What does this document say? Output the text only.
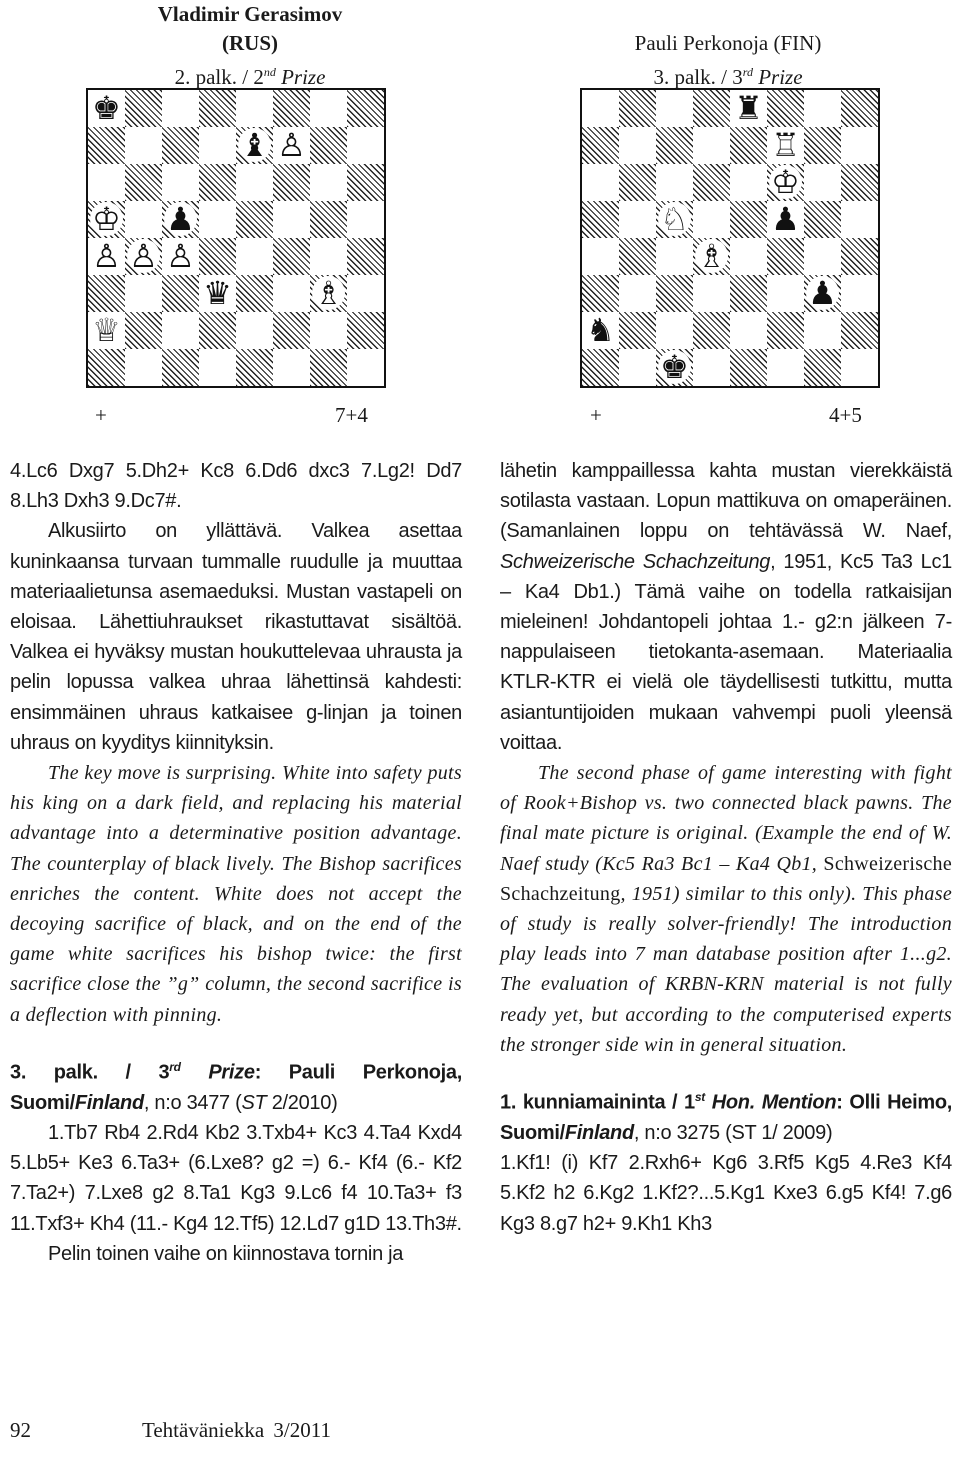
Vladimir Gerasimov
(RUS)
2. palk. / 2nd Prize
Pauli Perkonoja (FIN)
3. palk. / 3rd Prize
♚
♝ ♙
♔ ♟
♙ ♙ ♙
♛	♗
♕
♜
♖
♔
♘	♟
♗
♟
♞
♚
+	7+4	+	4+5

4.Lc6 Dxg7 5.Dh2+ Kc8 6.Dd6 dxc3 7.Lg2! Dd7 8.Lh3 Dxh3 9.Dc7#.

Alkusiirto on yllättävä. Valkea asettaa kuninkaansa turvaan tummalle ruudulle ja muuttaa materiaalietunsa asemaeduksi. Mustan vastapeli on eloisaa. Lähettiuhraukset rikastuttavat sisältöä. Valkea ei hyväksy mustan houkuttelevaa uhrausta ja pelin lopussa valkea uhraa lähettinsä kahdesti: ensimmäinen uhraus katkaisee g-linjan ja toinen uhraus on kyyditys kiinnityksin.

The key move is surprising. White into safety puts his king on a dark field, and replacing his material advantage into a determinative position advantage. The counterplay of black lively. The Bishop sacrifices enriches the content. White does not accept the decoying sacrifice of black, and on the end of the game white sacrifices his bishop twice: the first sacrifice close the ”g” column, the second sacrifice is a deflection with pinning.

3. palk. / 3rd Prize: Pauli Perkonoja, Suomi/Finland, n:o 3477 (ST 2/2010)

1.Tb7 Rb4 2.Rd4 Kb2 3.Txb4+ Kc3 4.Ta4 Kxd4 5.Lb5+ Ke3 6.Ta3+ (6.Lxe8? g2 =) 6.- Kf4 (6.- Kf2 7.Ta2+) 7.Lxe8 g2 8.Ta1 Kg3 9.Lc6 f4 10.Ta3+ f3 11.Txf3+ Kh4 (11.- Kg4 12.Tf5) 12.Ld7 g1D 13.Th3#.

Pelin toinen vaihe on kiinnostava tornin ja

lähetin kamppaillessa kahta mustan vierekkäistä sotilasta vastaan. Lopun mattikuva on omaperäinen.(Samanlainen loppu on tehtävässä W. Naef, Schweizerische Schachzeitung, 1951, Kc5 Ta3 Lc1 – Ka4 Db1.) Tämä vaihe on todella ratkaisijan mieleinen! Johdantopeli johtaa 1.- g2:n jälkeen 7-nappulaiseen tietokanta-asemaan. Materiaalia KTLR-KTR ei vielä ole täydellisesti tutkittu, mutta asiantuntijoiden mukaan vahvempi puoli yleensä voittaa.

The second phase of game interesting with fight of Rook+Bishop vs. two connected black pawns. The final mate picture is original. (Example the end of W. Naef study (Kc5 Ra3 Bc1 – Ka4 Qb1, Schweizerische Schachzeitung, 1951) similar to this only). This phase of study is really solver-friendly! The introduction play leads into 7 man database position after 1...g2. The evaluation of KRBN-KRN material is not fully ready yet, but according to the computerised experts the stronger side win in general situation.

1. kunniamaininta / 1st Hon. Mention: Olli Heimo, Suomi/Finland, n:o 3275 (ST 1/ 2009)

1.Kf1! (i) Kf7 2.Rxh6+ Kg6 3.Rf5 Kg5 4.Re3 Kf4 5.Kf2 h2 6.Kg2 1.Kf2?...5.Kg1 Kxe3 6.g5 Kf4! 7.g6 Kg3 8.g7 h2+ 9.Kh1 Kh3

92	Tehtäväniekka 3/2011
